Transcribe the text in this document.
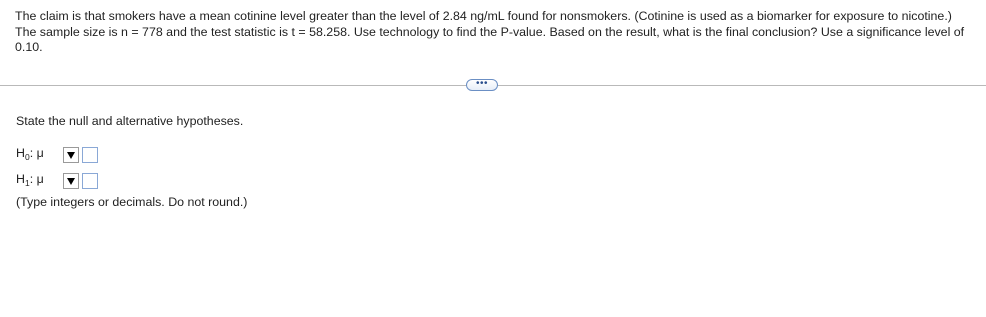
The claim is that smokers have a mean cotinine level greater than the level of 2.84 ng/mL found for nonsmokers. (Cotinine is used as a biomarker for exposure to nicotine.) The sample size is n = 778 and the test statistic is t = 58.258. Use technology to find the P-value. Based on the result, what is the final conclusion? Use a significance level of 0.10.
•••
State the null and alternative hypotheses.
$H_0$: μ
$H_1$: μ
(Type integers or decimals. Do not round.)
